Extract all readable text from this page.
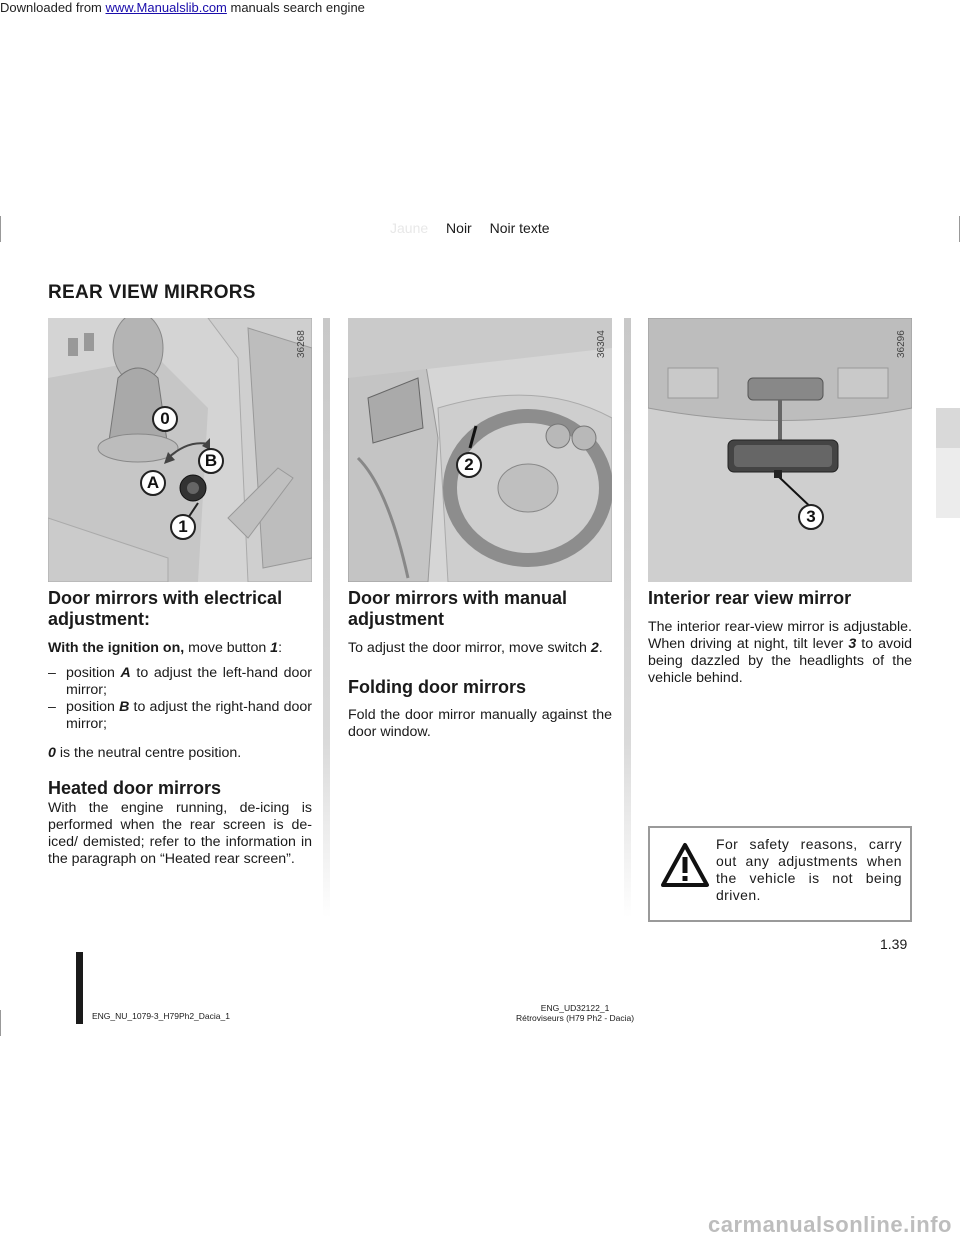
Downloaded from www.Manualslib.com manuals search engine
Jaune Noir Noir texte
REAR VIEW MIRRORS
0
B
A
1
36268
2
36304
3
36296
Door mirrors with electrical adjustment:

With the ignition on, move button 1:

– position A to adjust the left-hand door mirror;
– position B to adjust the right-hand door mirror;

0 is the neutral centre position.

Heated door mirrors

With the engine running, de-icing is performed when the rear screen is de-iced/ demisted; refer to the information in the paragraph on “Heated rear screen”.

Door mirrors with manual adjustment

To adjust the door mirror, move switch 2.

Folding door mirrors

Fold the door mirror manually against the door window.

Interior rear view mirror

The interior rear-view mirror is adjustable. When driving at night, tilt lever 3 to avoid being dazzled by the headlights of the vehicle behind.

For safety reasons, carry out any adjustments when the vehicle is not being driven.
1.39
ENG_NU_1079-3_H79Ph2_Dacia_1
ENG_UD32122_1
Rétroviseurs (H79 Ph2 - Dacia)
carmanualsonline.info
